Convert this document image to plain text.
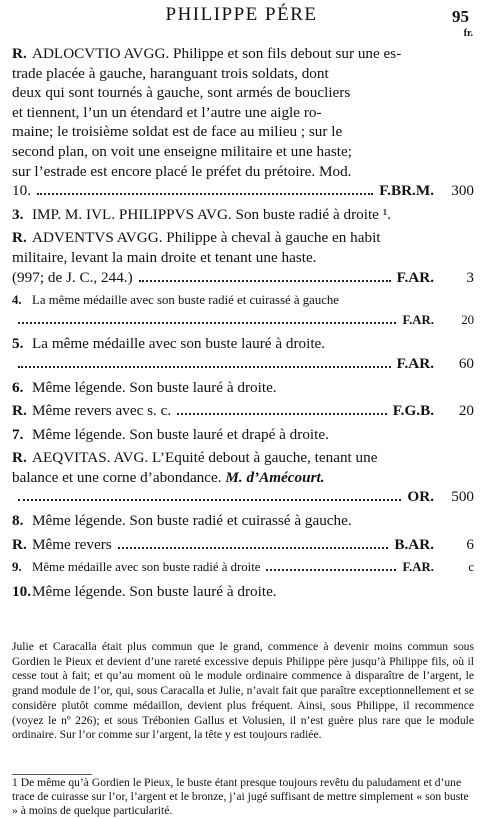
PHILIPPE PÉRE	95
fr.
R. ADLOCVTIO AVGG. Philippe et son fils debout sur une es-
trade placée à gauche, haranguant trois soldats, dont
deux qui sont tournés à gauche, sont armés de boucliers
et tiennent, l’un un étendard et l’autre une aigle ro-
maine; le troisième soldat est de face au milieu ; sur le
second plan, on voit une enseigne militaire et une haste;
sur l’estrade est encore placé le préfet du prétoire. Mod.
10.	F.BR.M.	300
3. IMP. M. IVL. PHILIPPVS AVG. Son buste radié à droite ¹.
R. ADVENTVS AVGG. Philippe à cheval à gauche en habit
militaire, levant la main droite et tenant une haste.
(997; de J. C., 244.)	F.AR.	3
4. La même médaille avec son buste radié et cuirassé à gauche
F.AR.	20
5. La même médaille avec son buste lauré à droite.
F.AR.	60
6. Même légende. Son buste lauré à droite.
R. Même revers avec s. c.	F.G.B.	20
7. Même légende. Son buste lauré et drapé à droite.
R. AEQVITAS. AVG. L’Equité debout à gauche, tenant une
balance et une corne d’abondance. M. d’Amécourt.
OR.	500
8. Même légende. Son buste radié et cuirassé à gauche.
R. Même revers	B.AR.	6
9. Même médaille avec son buste radié à droite	F.AR.	c
10.Même légende. Son buste lauré à droite.
Julie et Caracalla était plus commun que le grand, commence à devenir moins commun sous Gordien le Pieux et devient d’une rareté excessive depuis Philippe père jusqu’à Philippe fils, où il cesse tout à fait; et qu’au moment où le module ordinaire commence à disparaître de l’argent, le grand module de l’or, qui, sous Caracalla et Julie, n’avait fait que paraître exceptionnellement et se considère plutôt comme médaillon, devient plus fréquent. Ainsi, sous Philippe, il recommence (voyez le nº 226); et sous Trébonien Gallus et Volusien, il n’est guère plus rare que le module ordinaire. Sur l’or comme sur l’argent, la tête y est toujours radiée.
1 De même qu’à Gordien le Pieux, le buste étant presque toujours revêtu du paludament et d’une trace de cuirasse sur l’or, l’argent et le bronze, j’ai jugé suffisant de mettre simplement « son buste » à moins de quelque particularité.
